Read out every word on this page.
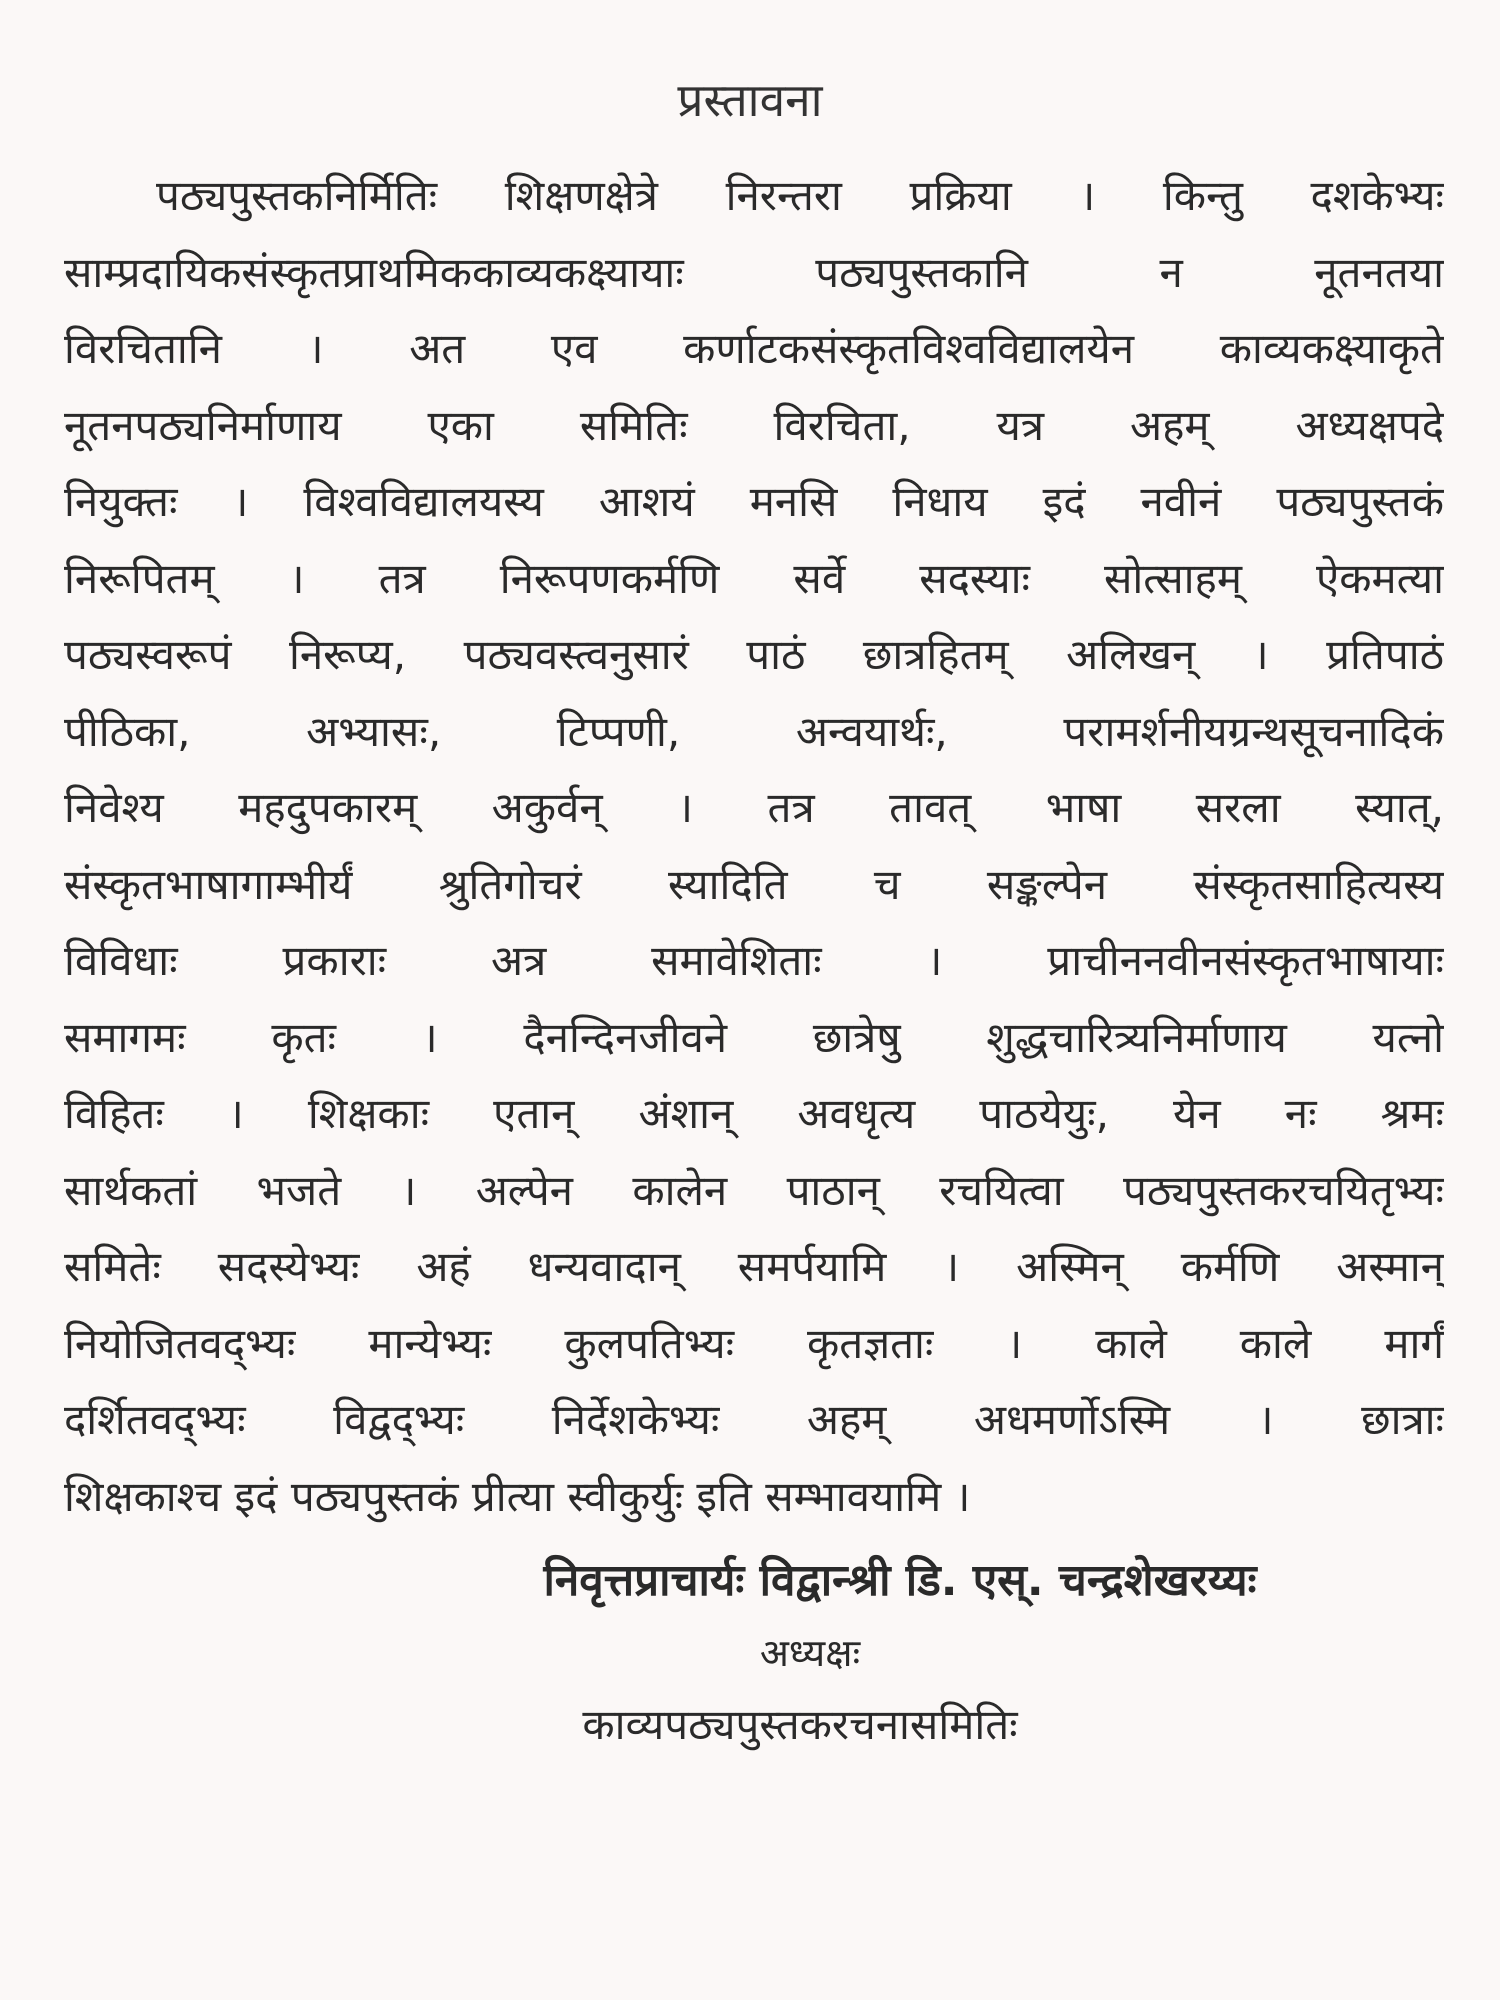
प्रस्तावना
पठ्यपुस्तकनिर्मितिः शिक्षणक्षेत्रे निरन्तरा प्रक्रिया । किन्तु दशकेभ्यः
साम्प्रदायिकसंस्कृतप्राथमिककाव्यकक्ष्यायाः पठ्यपुस्तकानि न नूतनतया
विरचितानि । अत एव कर्णाटकसंस्कृतविश्वविद्यालयेन काव्यकक्ष्याकृते
नूतनपठ्यनिर्माणाय एका समितिः विरचिता, यत्र अहम् अध्यक्षपदे
नियुक्तः । विश्वविद्यालयस्य आशयं मनसि निधाय इदं नवीनं पठ्यपुस्तकं
निरूपितम् । तत्र निरूपणकर्मणि सर्वे सदस्याः सोत्साहम् ऐकमत्या
पठ्यस्वरूपं निरूप्य, पठ्यवस्त्वनुसारं पाठं छात्रहितम् अलिखन् । प्रतिपाठं
पीठिका, अभ्यासः, टिप्पणी, अन्वयार्थः, परामर्शनीयग्रन्थसूचनादिकं
निवेश्य महदुपकारम् अकुर्वन् । तत्र तावत् भाषा सरला स्यात्,
संस्कृतभाषागाम्भीर्यं श्रुतिगोचरं स्यादिति च सङ्कल्पेन संस्कृतसाहित्यस्य
विविधाः प्रकाराः अत्र समावेशिताः । प्राचीननवीनसंस्कृतभाषायाः
समागमः कृतः । दैनन्दिनजीवने छात्रेषु शुद्धचारित्र्यनिर्माणाय यत्नो
विहितः । शिक्षकाः एतान् अंशान् अवधृत्य पाठयेयुः, येन नः श्रमः
सार्थकतां भजते । अल्पेन कालेन पाठान् रचयित्वा पठ्यपुस्तकरचयितृभ्यः
समितेः सदस्येभ्यः अहं धन्यवादान् समर्पयामि । अस्मिन् कर्मणि अस्मान्
नियोजितवद्भ्यः मान्येभ्यः कुलपतिभ्यः कृतज्ञताः । काले काले मार्गं
दर्शितवद्भ्यः विद्वद्भ्यः निर्देशकेभ्यः अहम् अधमर्णोऽस्मि । छात्राः
शिक्षकाश्च इदं पठ्यपुस्तकं प्रीत्या स्वीकुर्युः इति सम्भावयामि ।
निवृत्तप्राचार्यः विद्वान्श्री डि. एस्. चन्द्रशेखरय्यः
अध्यक्षः
काव्यपठ्यपुस्तकरचनासमितिः
